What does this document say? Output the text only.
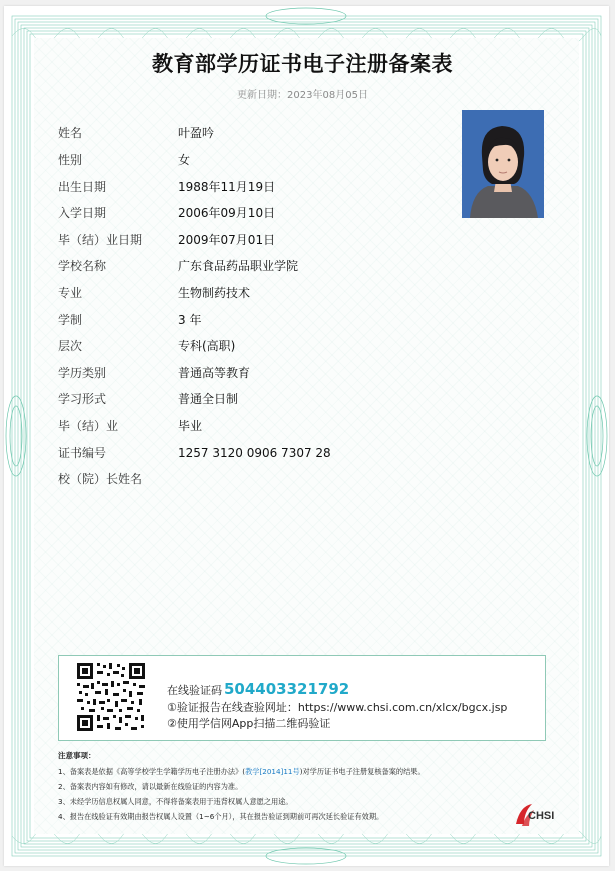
教育部学历证书电子注册备案表
更新日期：2023年08月05日
姓名	叶盈吟
性别	女
出生日期	1988年11月19日
入学日期	2006年09月10日
毕（结）业日期	2009年07月01日
学校名称	广东食品药品职业学院
专业	生物制药技术
学制	3 年
层次	专科(高职)
学历类别	普通高等教育
学习形式	普通全日制
毕（结）业	毕业
证书编号	1257 3120 0906 7307 28
校（院）长姓名
在线验证码 504403321792
①验证报告在线查验网址：https://www.chsi.com.cn/xlcx/bgcx.jsp
②使用学信网App扫描二维码验证
注意事项：
1、备案表是依据《高等学校学生学籍学历电子注册办法》(教学[2014]11号)对学历证书电子注册复核备案的结果。
2、备案表内容如有修改，请以最新在线验证的内容为准。
3、未经学历信息权属人同意，不得将备案表用于违背权属人意愿之用途。
4、报告在线验证有效期由报告权属人设置（1~6个月），其在报告验证到期前可再次延长验证有效期。	CHSI
